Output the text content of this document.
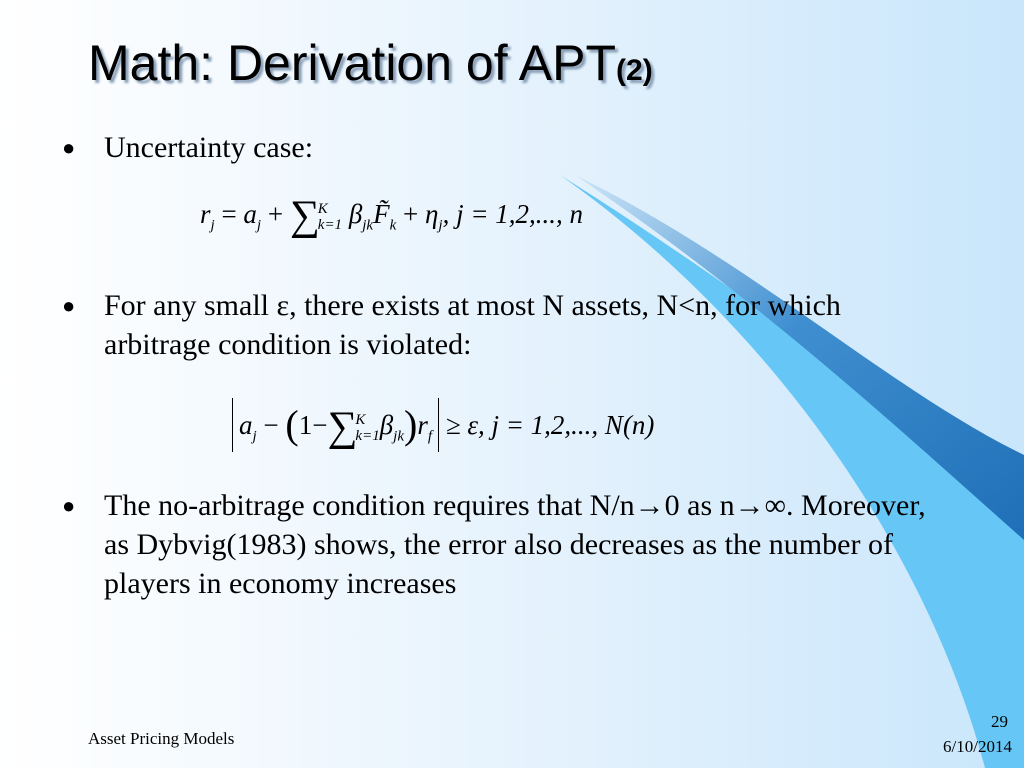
Math: Derivation of APT(2)
● Uncertainty case:
$r_j = a_j + \sum K$
k=1 $\beta_{jk}F̃_k + \eta_j$, j = 1,2,..., n
● For any small ε, there exists at most N assets, N<n, for which arbitrage condition is violated:
$a_j - (1-\sum K$
$k=1\beta_{jk})r_f \ge \varepsilon$, j = 1,2,..., N(n)
● The no-arbitrage condition requires that N/n→0 as n→∞. Moreover, as Dybvig(1983) shows, the error also decreases as the number of players in economy increases
Asset Pricing Models
29
6/10/2014
